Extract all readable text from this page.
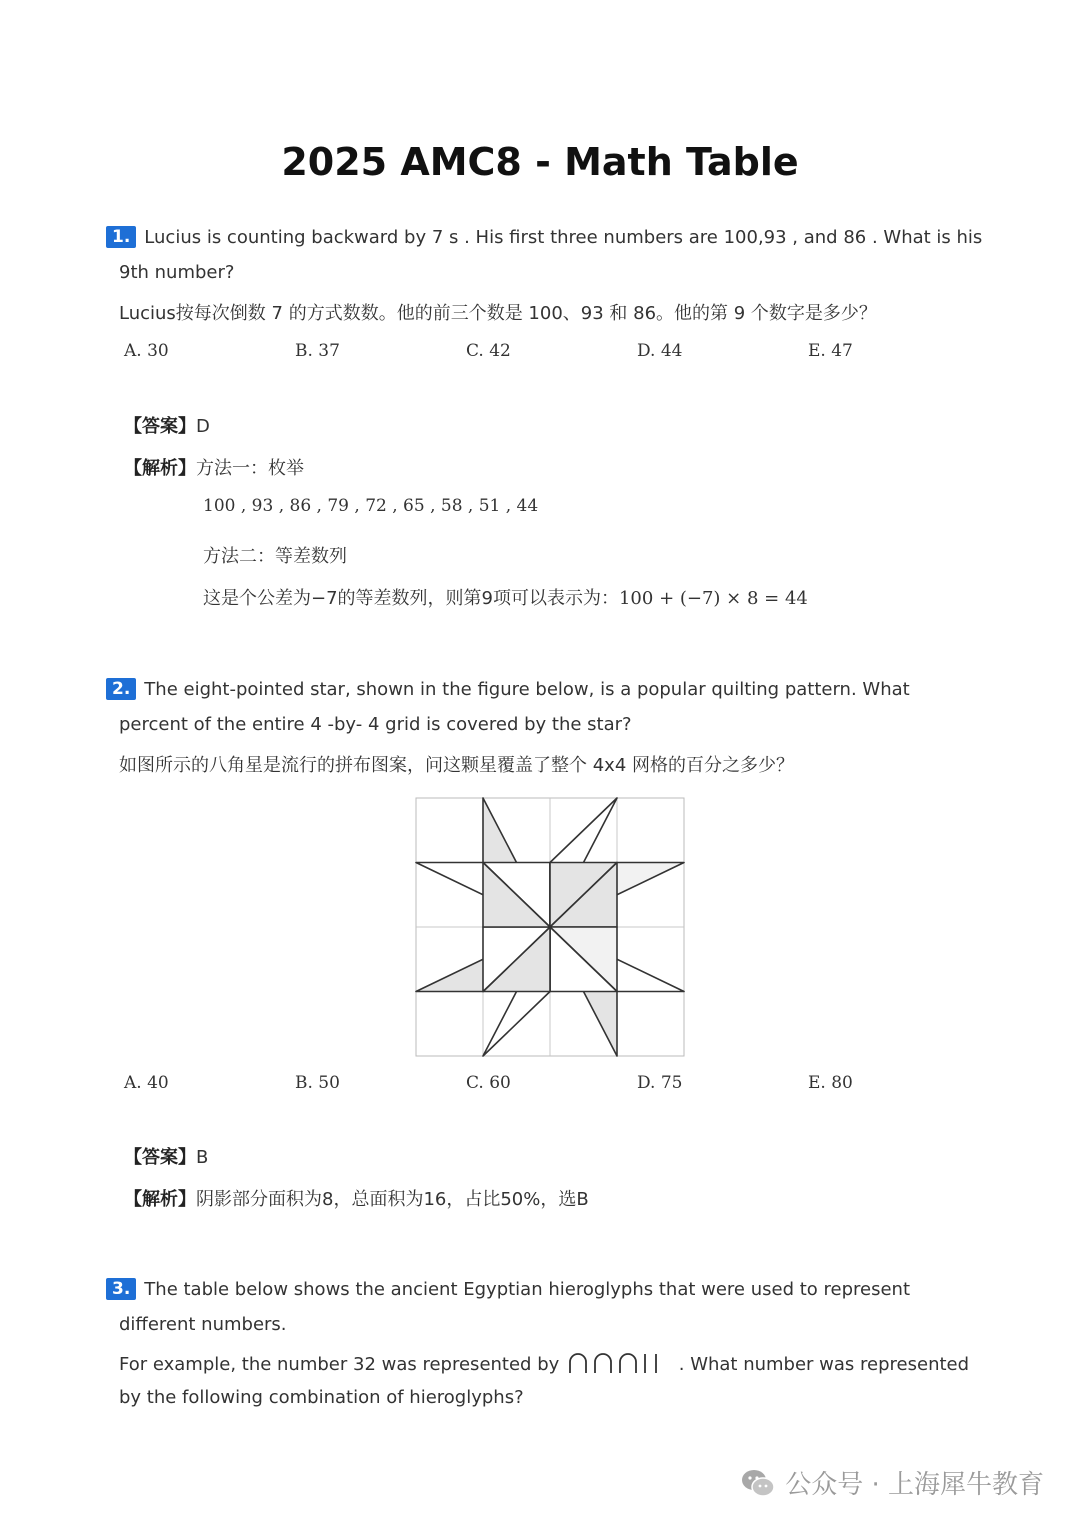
2025 AMC8 - Math Table
1. Lucius is counting backward by 7 s . His first three numbers are 100,93 , and 86 . What is his
9th number?
Lucius按每次倒数 7 的方式数数。他的前三个数是 100、93 和 86。他的第 9 个数字是多少？
A. 30	B. 37	C. 42	D. 44	E. 47
【答案】D
【解析】方法一：枚举
100 , 93 , 86 , 79 , 72 , 65 , 58 , 51 , 44
方法二：等差数列
这是个公差为−7的等差数列，则第9项可以表示为：100 + (−7) × 8 = 44
2. The eight-pointed star, shown in the figure below, is a popular quilting pattern. What
percent of the entire 4 -by- 4 grid is covered by the star?
如图所示的八角星是流行的拼布图案，问这颗星覆盖了整个 4x4 网格的百分之多少？
A. 40	B. 50	C. 60	D. 75	E. 80
【答案】B
【解析】阴影部分面积为8，总面积为16，占比50%，选B
3. The table below shows the ancient Egyptian hieroglyphs that were used to represent
different numbers.
For example, the number 32 was represented by	. What number was represented
by the following combination of hieroglyphs?
公众号 · 上海犀牛教育
